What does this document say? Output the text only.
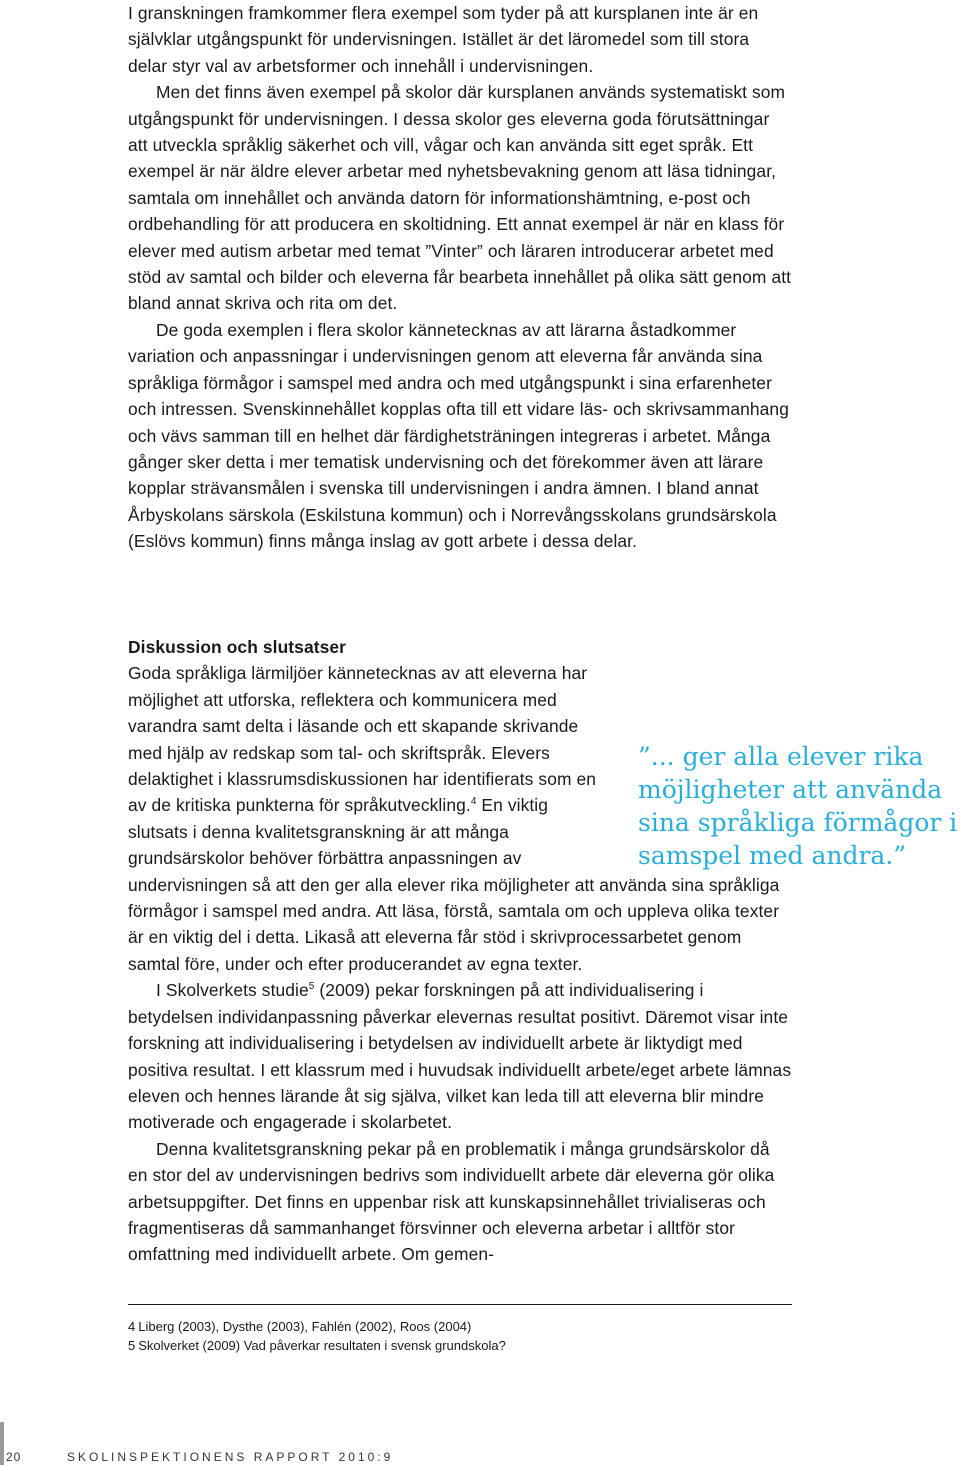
I granskningen framkommer flera exempel som tyder på att kursplanen inte är en självklar utgångspunkt för undervisningen. Istället är det läromedel som till stora delar styr val av arbetsformer och innehåll i undervisningen.

Men det finns även exempel på skolor där kursplanen används systematiskt som utgångspunkt för undervisningen. I dessa skolor ges eleverna goda förutsättningar att utveckla språklig säkerhet och vill, vågar och kan använda sitt eget språk. Ett exempel är när äldre elever arbetar med nyhetsbevakning genom att läsa tidningar, samtala om innehållet och använda datorn för informationshämtning, e-post och ordbehandling för att producera en skoltidning. Ett annat exempel är när en klass för elever med autism arbetar med temat ”Vinter” och läraren introducerar arbetet med stöd av samtal och bilder och eleverna får bearbeta innehållet på olika sätt genom att bland annat skriva och rita om det.

De goda exemplen i flera skolor kännetecknas av att lärarna åstadkommer variation och anpassningar i undervisningen genom att eleverna får använda sina språkliga förmågor i samspel med andra och med utgångspunkt i sina erfarenheter och intressen. Svenskinnehållet kopplas ofta till ett vidare läs- och skrivsammanhang och vävs samman till en helhet där färdighetsträningen integreras i arbetet. Många gånger sker detta i mer tematisk undervisning och det förekommer även att lärare kopplar strävansmålen i svenska till undervisningen i andra ämnen. I bland annat Årbyskolans särskola (Eskilstuna kommun) och i Norrevångsskolans grundsärskola (Eslövs kommun) finns många inslag av gott arbete i dessa delar.

Diskussion och slutsatser

Goda språkliga lärmiljöer kännetecknas av att eleverna har möjlighet att utforska, reflektera och kommunicera med varandra samt delta i läsande och ett skapande skrivande med hjälp av redskap som tal- och skriftspråk. Elevers delaktighet i klassrumsdiskussionen har identifierats som en av de kritiska punkterna för språkutveckling.$^4$ En viktig slutsats i denna kvalitetsgranskning är att många grundsärskolor behöver förbättra anpassningen av undervisningen så att den ger alla elever rika möjligheter att använda sina språkliga förmågor i samspel med andra. Att läsa, förstå, samtala om och uppleva olika texter är en viktig del i detta. Likaså att eleverna får stöd i skrivprocessarbetet genom samtal före, under och efter producerandet av egna texter.

I Skolverkets studie$^5$ (2009) pekar forskningen på att individualisering i betydelsen individanpassning påverkar elevernas resultat positivt. Däremot visar inte forskning att individualisering i betydelsen av individuellt arbete är liktydigt med positiva resultat. I ett klassrum med i huvudsak individuellt arbete/eget arbete lämnas eleven och hennes lärande åt sig själva, vilket kan leda till att eleverna blir mindre motiverade och engagerade i skolarbetet.

Denna kvalitetsgranskning pekar på en problematik i många grundsärskolor då en stor del av undervisningen bedrivs som individuellt arbete där eleverna gör olika arbetsuppgifter. Det finns en uppenbar risk att kunskapsinnehållet trivialiseras och fragmentiseras då sammanhanget försvinner och eleverna arbetar i alltför stor omfattning med individuellt arbete. Om gemen-

”... ger alla elever rika
möjligheter att använda
sina språkliga förmågor i
samspel med andra.”
4 Liberg (2003), Dysthe (2003), Fahlén (2002), Roos (2004)
5 Skolverket (2009) Vad påverkar resultaten i svensk grundskola?
20	SKOLINSPEKTIONENS RAPPORT 2010:9
